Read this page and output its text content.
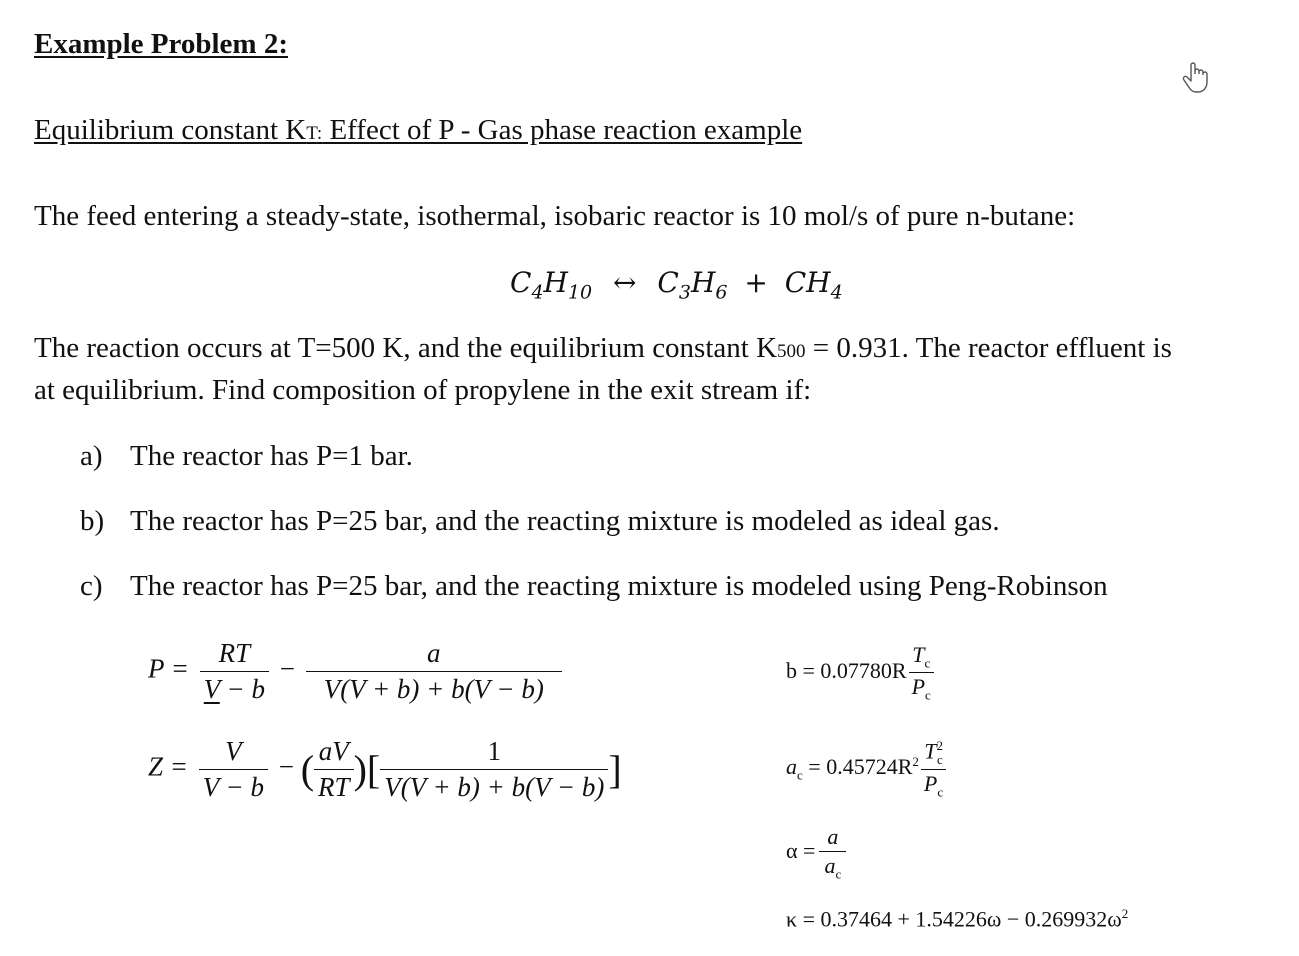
Example Problem 2:
Equilibrium constant KT: Effect of P - Gas phase reaction example
The feed entering a steady-state, isothermal, isobaric reactor is 10 mol/s of pure n-butane:
$C_4H_{10}$ ↔ $C_3H_6 + CH_4$
The reaction occurs at T=500 K, and the equilibrium constant K500 = 0.931. The reactor effluent is
at equilibrium. Find composition of propylene in the exit stream if:
a) The reactor has P=1 bar.
b) The reactor has P=25 bar, and the reacting mixture is modeled as ideal gas.
c) The reactor has P=25 bar, and the reacting mixture is modeled using Peng-Robinson
$P = \frac{RT}{V - b} - \frac{a}{V(V + b) + b(V - b)}$
$Z = \frac{V}{V - b}$ − ( $\frac{aV}{RT}$ )[ $\frac{1}{V(V + b) + b(V - b)}$ ]
$b = 0.07780R \frac{T_c}{P_c}$
$a_c = 0.45724R^2 \frac{T^2_c}{P_c}$
$\alpha = \frac{a}{a_c}$
$\kappa = 0.37464 + 1.54226\omega - 0.269932\omega^2$
